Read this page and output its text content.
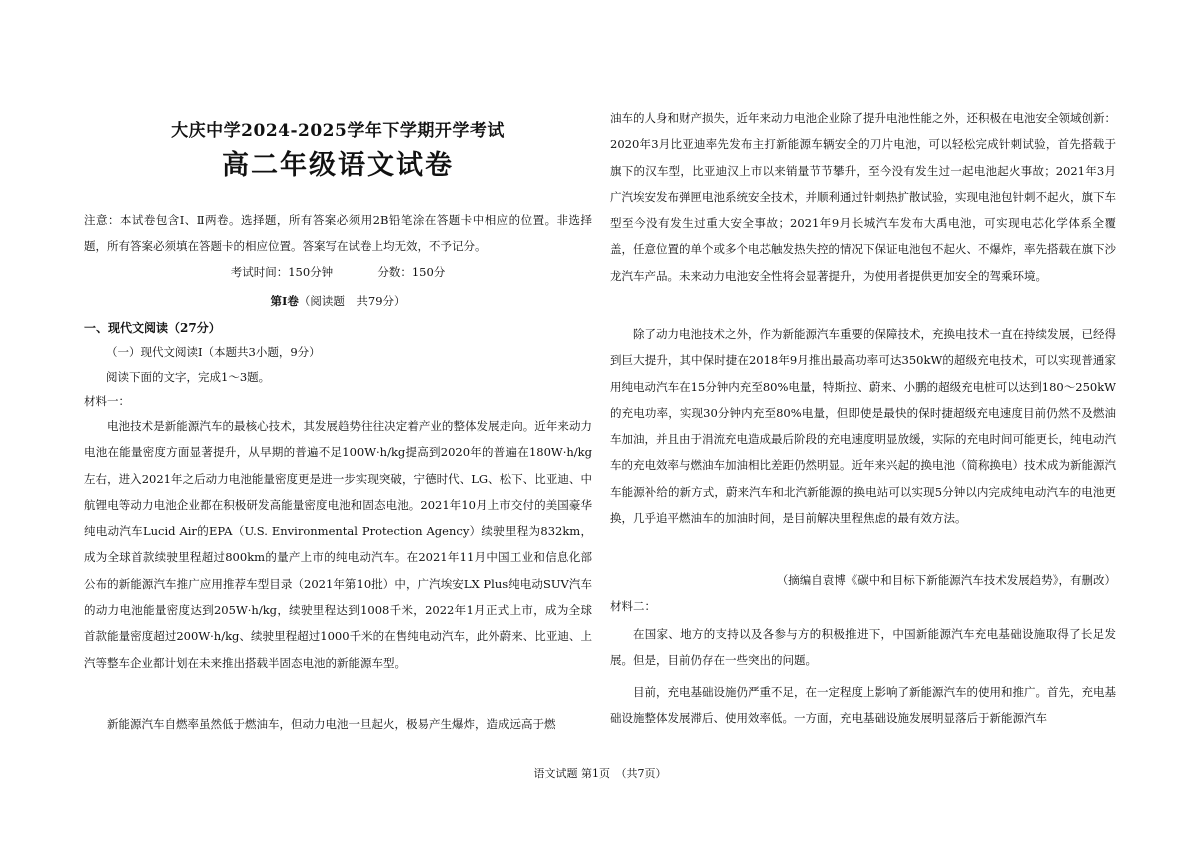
大庆中学2024-2025学年下学期开学考试
高二年级语文试卷
注意：本试卷包含Ⅰ、Ⅱ两卷。选择题，所有答案必须用2B铅笔涂在答题卡中相应的位置。非选择题，所有答案必须填在答题卡的相应位置。答案写在试卷上均无效，不予记分。
考试时间：150分钟　　　	分数：150分
第Ⅰ卷（阅读题　共79分）
一、现代文阅读（27分）
（一）现代文阅读Ⅰ（本题共3小题，9分）
阅读下面的文字，完成1～3题。
材料一：

电池技术是新能源汽车的最核心技术，其发展趋势往往决定着产业的整体发展走向。近年来动力电池在能量密度方面显著提升，从早期的普遍不足100W·h/kg提高到2020年的普遍在180W·h/kg左右，进入2021年之后动力电池能量密度更是进一步实现突破，宁德时代、LG、松下、比亚迪、中航锂电等动力电池企业都在积极研发高能量密度电池和固态电池。2021年10月上市交付的美国豪华纯电动汽车Lucid Air的EPA（U.S. Environmental Protection Agency）续驶里程为832km，成为全球首款续驶里程超过800km的量产上市的纯电动汽车。在2021年11月中国工业和信息化部公布的新能源汽车推广应用推荐车型目录（2021年第10批）中，广汽埃安LX Plus纯电动SUV汽车的动力电池能量密度达到205W·h/kg，续驶里程达到1008千米，2022年1月正式上市，成为全球首款能量密度超过200W·h/kg、续驶里程超过1000千米的在售纯电动汽车，此外蔚来、比亚迪、上汽等整车企业都计划在未来推出搭载半固态电池的新能源车型。

新能源汽车自燃率虽然低于燃油车，但动力电池一旦起火，极易产生爆炸，造成远高于燃

油车的人身和财产损失，近年来动力电池企业除了提升电池性能之外，还积极在电池安全领域创新：2020年3月比亚迪率先发布主打新能源车辆安全的刀片电池，可以轻松完成针刺试验，首先搭载于旗下的汉车型，比亚迪汉上市以来销量节节攀升，至今没有发生过一起电池起火事故；2021年3月广汽埃安发布弹匣电池系统安全技术，并顺利通过针刺热扩散试验，实现电池包针刺不起火，旗下车型至今没有发生过重大安全事故；2021年9月长城汽车发布大禹电池，可实现电芯化学体系全覆盖，任意位置的单个或多个电芯触发热失控的情况下保证电池包不起火、不爆炸，率先搭载在旗下沙龙汽车产品。未来动力电池安全性将会显著提升，为使用者提供更加安全的驾乘环境。

除了动力电池技术之外，作为新能源汽车重要的保障技术，充换电技术一直在持续发展，已经得到巨大提升，其中保时捷在2018年9月推出最高功率可达350kW的超级充电技术，可以实现普通家用纯电动汽车在15分钟内充至80%电量，特斯拉、蔚来、小鹏的超级充电桩可以达到180～250kW的充电功率，实现30分钟内充至80%电量，但即使是最快的保时捷超级充电速度目前仍然不及燃油车加油，并且由于涓流充电造成最后阶段的充电速度明显放缓，实际的充电时间可能更长，纯电动汽车的充电效率与燃油车加油相比差距仍然明显。近年来兴起的换电池（简称换电）技术成为新能源汽车能源补给的新方式，蔚来汽车和北汽新能源的换电站可以实现5分钟以内完成纯电动汽车的电池更换，几乎追平燃油车的加油时间，是目前解决里程焦虑的最有效方法。

（摘编自袁博《碳中和目标下新能源汽车技术发展趋势》，有删改）
材料二：

在国家、地方的支持以及各参与方的积极推进下，中国新能源汽车充电基础设施取得了长足发展。但是，目前仍存在一些突出的问题。

目前，充电基础设施仍严重不足，在一定程度上影响了新能源汽车的使用和推广。首先，充电基础设施整体发展滞后、使用效率低。一方面，充电基础设施发展明显落后于新能源汽车

语文试题 第1页　（共7页）
